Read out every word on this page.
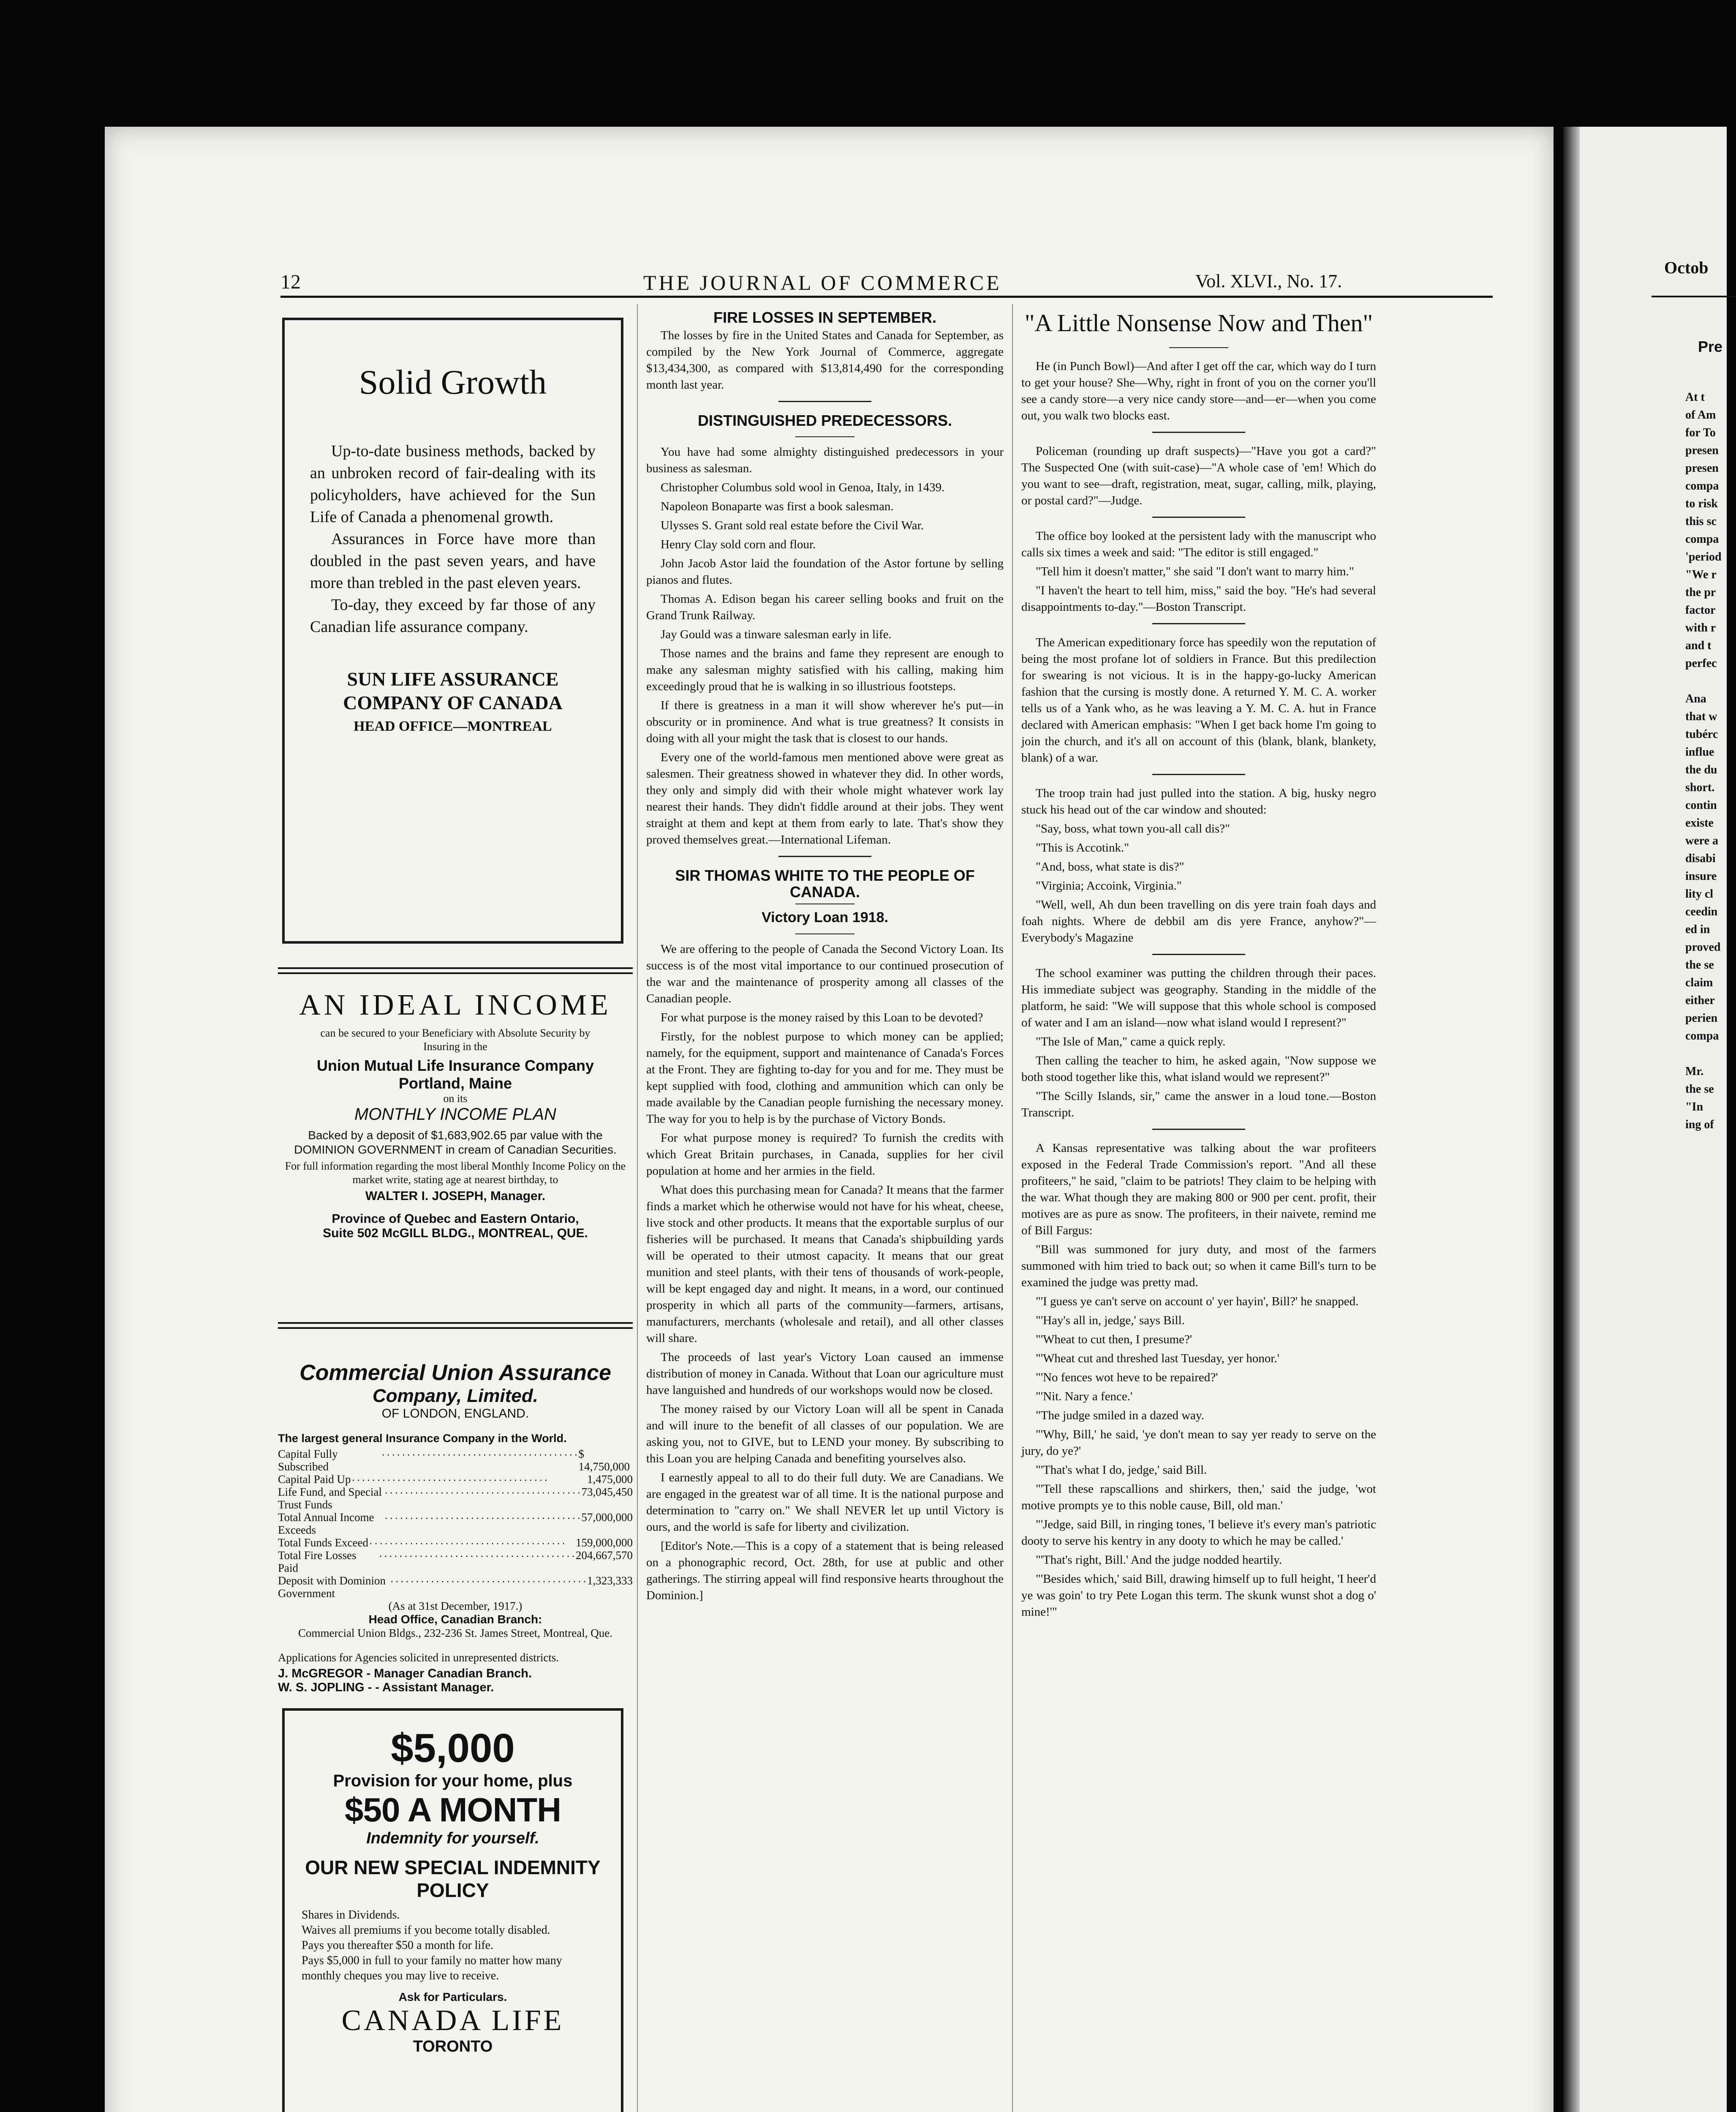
12	THE JOURNAL OF COMMERCE	Vol. XLVI., No. 17.
Solid Growth

Up-to-date business methods, backed by an unbroken record of fair-dealing with its policyholders, have achieved for the Sun Life of Canada a phenomenal growth.

Assurances in Force have more than doubled in the past seven years, and have more than trebled in the past eleven years.

To-day, they exceed by far those of any Canadian life assurance company.

SUN LIFE ASSURANCE
COMPANY OF CANADA
HEAD OFFICE—MONTREAL
AN IDEAL INCOME
can be secured to your Beneficiary with Absolute Security by Insuring in the
Union Mutual Life Insurance Company
Portland, Maine
on its
MONTHLY INCOME PLAN
Backed by a deposit of $1,683,902.65 par value with the DOMINION GOVERNMENT in cream of Canadian Securities.
For full information regarding the most liberal Monthly Income Policy on the market write, stating age at nearest birthday, to
WALTER I. JOSEPH, Manager.
Province of Quebec and Eastern Ontario,
Suite 502 McGILL BLDG., MONTREAL, QUE.
Commercial Union Assurance
Company, Limited.
OF LONDON, ENGLAND.
The largest general Insurance Company in the World.
Capital Fully Subscribed
....................................... $ 14,750,000
Capital Paid Up .......................................	1,475,000
Life Fund, and Special Trust Funds
....................................... 73,045,450
Total Annual Income Exceeds
....................................... 57,000,000
Total Funds Exceed ....................................... 159,000,000
Total Fire Losses Paid
....................................... 204,667,570
Deposit with Dominion Government
....................................... 1,323,333
(As at 31st December, 1917.)
Head Office, Canadian Branch:
Commercial Union Bldgs., 232-236 St. James Street, Montreal, Que.
Applications for Agencies solicited in unrepresented districts.
J. McGREGOR - Manager Canadian Branch.
W. S. JOPLING - - Assistant Manager.
$5,000
Provision for your home, plus
$50 A MONTH
Indemnity for yourself.
OUR NEW SPECIAL INDEMNITY
POLICY
Shares in Dividends.
Waives all premiums if you become totally disabled.
Pays you thereafter $50 a month for life.
Pays $5,000 in full to your family no matter how many monthly cheques you may live to receive.
Ask for Particulars.
CANADA LIFE
TORONTO
FIRE LOSSES IN SEPTEMBER.

The losses by fire in the United States and Canada for September, as compiled by the New York Journal of Commerce, aggregate $13,434,300, as compared with $13,814,490 for the corresponding month last year.

DISTINGUISHED PREDECESSORS.

You have had some almighty distinguished predecessors in your business as salesman.

Christopher Columbus sold wool in Genoa, Italy, in 1439.

Napoleon Bonaparte was first a book salesman.

Ulysses S. Grant sold real estate before the Civil War.

Henry Clay sold corn and flour.

John Jacob Astor laid the foundation of the Astor fortune by selling pianos and flutes.

Thomas A. Edison began his career selling books and fruit on the Grand Trunk Railway.

Jay Gould was a tinware salesman early in life.

Those names and the brains and fame they represent are enough to make any salesman mighty satisfied with his calling, making him exceedingly proud that he is walking in so illustrious footsteps.

If there is greatness in a man it will show wherever he's put—in obscurity or in prominence. And what is true greatness? It consists in doing with all your might the task that is closest to our hands.

Every one of the world-famous men mentioned above were great as salesmen. Their greatness showed in whatever they did. In other words, they only and simply did with their whole might whatever work lay nearest their hands. They didn't fiddle around at their jobs. They went straight at them and kept at them from early to late. That's show they proved themselves great.—International Lifeman.

SIR THOMAS WHITE TO THE PEOPLE OF CANADA.
Victory Loan 1918.

We are offering to the people of Canada the Second Victory Loan. Its success is of the most vital importance to our continued prosecution of the war and the maintenance of prosperity among all classes of the Canadian people.

For what purpose is the money raised by this Loan to be devoted?

Firstly, for the noblest purpose to which money can be applied; namely, for the equipment, support and maintenance of Canada's Forces at the Front. They are fighting to-day for you and for me. They must be kept supplied with food, clothing and ammunition which can only be made available by the Canadian people furnishing the necessary money. The way for you to help is by the purchase of Victory Bonds.

For what purpose money is required? To furnish the credits with which Great Britain purchases, in Canada, supplies for her civil population at home and her armies in the field.

What does this purchasing mean for Canada? It means that the farmer finds a market which he otherwise would not have for his wheat, cheese, live stock and other products. It means that the exportable surplus of our fisheries will be purchased. It means that Canada's shipbuilding yards will be operated to their utmost capacity. It means that our great munition and steel plants, with their tens of thousands of work-people, will be kept engaged day and night. It means, in a word, our continued prosperity in which all parts of the community—farmers, artisans, manufacturers, merchants (wholesale and retail), and all other classes will share.

The proceeds of last year's Victory Loan caused an immense distribution of money in Canada. Without that Loan our agriculture must have languished and hundreds of our workshops would now be closed.

The money raised by our Victory Loan will all be spent in Canada and will inure to the benefit of all classes of our population. We are asking you, not to GIVE, but to LEND your money. By subscribing to this Loan you are helping Canada and benefiting yourselves also.

I earnestly appeal to all to do their full duty. We are Canadians. We are engaged in the greatest war of all time. It is the national purpose and determination to "carry on." We shall NEVER let up until Victory is ours, and the world is safe for liberty and civilization.

[Editor's Note.—This is a copy of a statement that is being released on a phonographic record, Oct. 28th, for use at public and other gatherings. The stirring appeal will find responsive hearts throughout the Dominion.]

"A Little Nonsense Now and Then"

He (in Punch Bowl)—And after I get off the car, which way do I turn to get your house? She—Why, right in front of you on the corner you'll see a candy store—a very nice candy store—and—er—when you come out, you walk two blocks east.

Policeman (rounding up draft suspects)—"Have you got a card?" The Suspected One (with suit-case)—"A whole case of 'em! Which do you want to see—draft, registration, meat, sugar, calling, milk, playing, or postal card?"—Judge.

The office boy looked at the persistent lady with the manuscript who calls six times a week and said: "The editor is still engaged."

"Tell him it doesn't matter," she said "I don't want to marry him."

"I haven't the heart to tell him, miss," said the boy. "He's had several disappointments to-day."—Boston Transcript.

The American expeditionary force has speedily won the reputation of being the most profane lot of soldiers in France. But this predilection for swearing is not vicious. It is in the happy-go-lucky American fashion that the cursing is mostly done. A returned Y. M. C. A. worker tells us of a Yank who, as he was leaving a Y. M. C. A. hut in France declared with American emphasis: "When I get back home I'm going to join the church, and it's all on account of this (blank, blank, blankety, blank) of a war.

The troop train had just pulled into the station. A big, husky negro stuck his head out of the car window and shouted:

"Say, boss, what town you-all call dis?"

"This is Accotink."

"And, boss, what state is dis?"

"Virginia; Accoink, Virginia."

"Well, well, Ah dun been travelling on dis yere train foah days and foah nights. Where de debbil am dis yere France, anyhow?"—Everybody's Magazine

The school examiner was putting the children through their paces. His immediate subject was geography. Standing in the middle of the platform, he said: "We will suppose that this whole school is composed of water and I am an island—now what island would I represent?"

"The Isle of Man," came a quick reply.

Then calling the teacher to him, he asked again, "Now suppose we both stood together like this, what island would we represent?"

"The Scilly Islands, sir," came the answer in a loud tone.—Boston Transcript.

A Kansas representative was talking about the war profiteers exposed in the Federal Trade Commission's report. "And all these profiteers," he said, "claim to be patriots! They claim to be helping with the war. What though they are making 800 or 900 per cent. profit, their motives are as pure as snow. The profiteers, in their naivete, remind me of Bill Fargus:

"Bill was summoned for jury duty, and most of the farmers summoned with him tried to back out; so when it came Bill's turn to be examined the judge was pretty mad.

"'I guess ye can't serve on account o' yer hayin', Bill?' he snapped.

"'Hay's all in, jedge,' says Bill.

"'Wheat to cut then, I presume?'

"'Wheat cut and threshed last Tuesday, yer honor.'

"'No fences wot heve to be repaired?'

"'Nit. Nary a fence.'

"The judge smiled in a dazed way.

"'Why, Bill,' he said, 'ye don't mean to say yer ready to serve on the jury, do ye?'

"'That's what I do, jedge,' said Bill.

"'Tell these rapscallions and shirkers, then,' said the judge, 'wot motive prompts ye to this noble cause, Bill, old man.'

"'Jedge, said Bill, in ringing tones, 'I believe it's every man's patriotic dooty to serve his kentry in any dooty to which he may be called.'

"'That's right, Bill.' And the judge nodded heartily.

"'Besides which,' said Bill, drawing himself up to full height, 'I heer'd ye was goin' to try Pete Logan this term. The skunk wunst shot a dog o' mine!'"

Octob
Pre
At t
of Am
for To
presen
presen
compa
to risk
this sc
compa
'period
"We r
the pr
factor
with r
and t
perfec
Ana
that w
tubérc
influe
the du
short.
contin
existe
were a
disabi
insure
lity cl
ceedin
ed in
proved
the se
claim
either
perien
compa
Mr.
the se
"In
ing of
